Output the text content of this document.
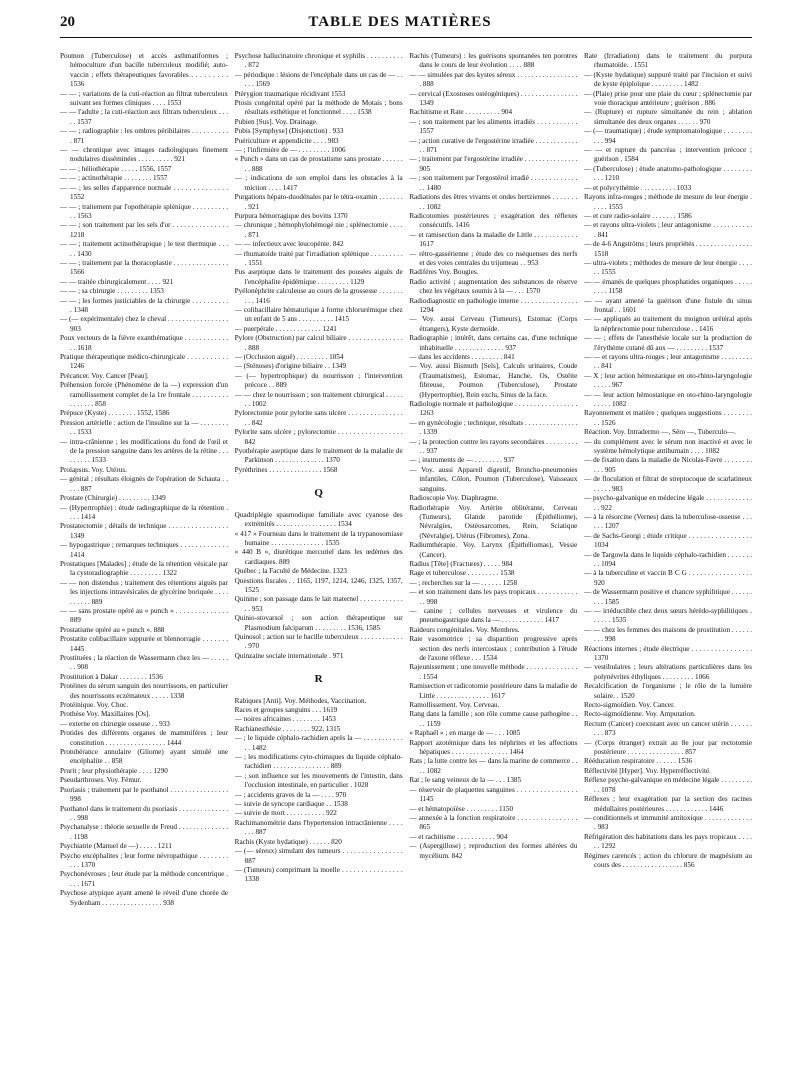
20	TABLE DES MATIÈRES

Poumon (Tuberculose) et accès asthmatiformes ; hémoculture d'un bacille tuberculeux modifié; auto-vaccin ; effets thérapeutiques favorables . . . . . . . . . 1536

— — ; variations de la cuti-réaction au filtrat tuberculeux suivant ses formes cliniques . . . . 1553

— — l'adulte ; la cuti-réaction aux filtrats tuberculeux . . . . . 1537

— — ; radiographie : les ombres périhilaires . . . . . . . . . . . 871

— — chronique avec images radiologiques finement nodulaires disséminées . . . . . . . . . . 921

— — ; héliothérapie . . . . . 1556, 1557

— — ; actinothérapie . . . . . . . . 1557

— — ; les selles d'apparence normale . . . . . . . . . . . . . . 1552

— — ; traitement par l'opothérapie splénique . . . . . . . . . . . . 1563

— — ; son traitement par les sels d'or . . . . . . . . . . . . . . . 1218

— — ; traitement actinothérapique ; le test thermique . . . . . 1430

— — ; traitement par la thoracoplastie . . . . . . . . . . . . . . . 1566

— — traitée chirurgicalement . . . . 921

— — ; sa chirurgie . . . . . . . . . 1353

— — ; les formes justiciables de la chirurgie . . . . . . . . . . . 1348

— (— expérimentale) chez le cheval . . . . . . . . . . . . . . . . . 903

Poux vecteurs de la fièvre exanthématique . . . . . . . . . . . . . . 1618

Pratique thérapeutique médico-chirurgicale . . . . . . . . . . . 1246

Précancer. Voy. Cancer [Peau].

Préhension forcée (Phénomène de la —) expression d'un ramollissement complet de la 1re frontale . . . . . . . . . . . . . . . . . 858

Prépuce (Kyste) . . . . . . . . 1552, 1586

Pression artérielle : action de l'insuline sur la — . . . . . . . . . . 1533

— intra-crânienne ; les modifications du fond de l'œil et de la pression sanguine dans les artères de la rétine . . . . . . . . . 1533

Prolapsus. Voy. Utérus.

— génital ; résultats éloignés de l'opération de Schauta . . . . . 887

Prostate (Chirurgie) . . . . . . . . . 1349

— (Hypertrophie) : étude radiographique de la rétention . . . . 1414

Prostatectomie ; détails de technique . . . . . . . . . . . . . . . . 1349

— hypogastrique ; remarques techniques . . . . . . . . . . . . . 1414

Prostatiques [Malades] ; étude de la rétention vésicale par la cystoradiographie . . . . . . . . . 1322

— — non distendus ; traitement des rétentions aiguës par les injections intravésicales de glycérine boriquée . . . . . . . . . . 889

— — sans prostate opéré au « punch » . . . . . . . . . . . . . . 889

Prostatisme opéré au « punch ». 888

Prostatite colibacillaire suppurée et blennorragie . . . . . . . 1445

Prostituées ; la réaction de Wassermann chez les — . . . . . . . 908

Prostitution à Dakar . . . . . . . . 1536

Protéines du sérum sanguin des nourrissons, en particulier des nourrissons eczémateux . . . . . 1338

Protéinique. Voy. Choc.

Prothèse Voy. Maxillaires [Os].

— externe en chirurgie osseuse . . 933

Protides des différents organes de mammifères ; leur constitution . . . . . . . . . . . . . . . . . 1444

Protubérance annulaire (Gliome) ayant simulé une encéphalite . . 858

Prurit ; leur physiothérapie . . . . 1290

Pseudarthroses. Voy. Fémur.

Psoriasis ; traitement par le psothanol . . . . . . . . . . . . . . . . 998

Psothanol dans le traitement du psoriasis . . . . . . . . . . . . . . . . 998

Psychanalyse : théorie sexuelle de Freud . . . . . . . . . . . . . . . 1198

Psychiatrie (Manuel de —) . . . . . 1211

Psycho encéphalites ; leur forme névropathique . . . . . . . . . . . 1370

Psychonévroses ; leur étude par la méthode concentrique . . . . 1671

Psychose atypique ayant amené le réveil d'une chorée de Sydenham . . . . . . . . . . . . . . . . . 938

Psychose hallucinatoire chronique et syphilis . . . . . . . . . . . 872

— périodique : lésions de l'encéphale dans un cas de — . . . . . 1569

Ptérygion traumatique récidivant 1553

Ptosis congénital opéré par la méthode de Motais ; bons résultats esthétique et fonctionnel . . . . 1538

Pubien [Sus]. Voy. Drainage.

Pubis [Symphyse] (Disjonction) . 933

Puériculture et appendicite . . . . 983

— ; l'infirmière de — . . . . . . . . . 1006

« Punch » dans un cas de prostatisme sans prostate . . . . . . . . 888

— ; indications de son emploi dans les obstacles à la miction . . . . 1417

Purgations hépato-duodénales par le tétra-oxamin . . . . . . . . 921

Purpura hémorragique des bovins 1370

— chronique ; hémophylohémogé nie ; splénectomie . . . . . 871

— — infectieux avec leucopénie. 842

— rhumatoïde traité par l'irradiation splénique . . . . . . . . . . 1551

Pus aseptique dans le traitement des pousées aiguës de l'encéphalite épidémique . . . . . . . . . 1129

Pyélonéphrite calculeuse au cours de la grossesse . . . . . . . . . . 1416

— colibacillaire hématurique à forme chlorurémique chez un enfant de 5 ans . . . . . . . . . . 1415

— puerpérale . . . . . . . . . . . . . 1241

Pylore (Obstruction) par calcul biliaire . . . . . . . . . . . . . . . . 888

— (Occlusion aiguë) . . . . . . . . . 1054

— (Sténoses) d'origine biliaire . . 1349

— (— hypertrophique) du nourrisson ; l'intervention précoce . . 889

— — chez le nourrisson ; son traitement chirurgical . . . . . . . 1002

Pylorectomie pour pylorite sans ulcère . . . . . . . . . . . . . . . . . 842

Pylorite sans ulcère ; pylorectomie . . . . . . . . . . . . . . . . . 842

Pyothérapie aseptique dans le traitement de la maladie de Parkinson . . . . . . . . . . . . . . 1370

Pyréthrines . . . . . . . . . . . . . . . 1568

Q

Quadriplégie spasmodique familiale avec cyanose des extrémités . . . . . . . . . . . . . . . . . 1534

« 417 » Fourneau dans le traitement de la trypanosomiase humaine . . . . . . . . . . . . . . . 1535

« 440 B », diurétique mercuriel dans les œdèmes des cardiaques. 889

Québec ; la Faculté de Médecine. 1323

Questions fiscales . . 1165, 1197, 1214, 1246, 1325, 1357, 1525

Quinine ; son passage dans le lait maternel . . . . . . . . . . . . . . 953

Quinio-stovarsol ; son action thérapeutique sur Plasmodium falciparum . . . . . . . . . 1536, 1585

Quinosol ; action sur le bacille tuberculeux . . . . . . . . . . . . . 970

Quinzaine sociale internationale . 971

R

Rabiques [Anti]. Voy. Méthodes, Vaccination.

Races et groupes sanguins . . . 1619

— noires africaines . . . . . . . . 1453

Rachianesthésie . . . . . . . . 922, 1315

— ; le liquide céphalo-rachidien après la — . . . . . . . . . . . . . 1482

— ; les modifications cyto-chimiques du liquide céphalo-rachidien . . . . . . . . . . . . . . . . 889

— ; son influence sur les mouvements de l'intestin, dans l'occlusion intestinale, en particulier . 1028

— ; accidents graves de la — . . . . 970

— suivie de syncope cardiaque . . 1538

— suivie de mort . . . . . . . . . . . 922

Rachimanométrie dans l'hypertension intracrânienne . . . . . . . 887

Rachis (Kyste hydatique) . . . . . . 820

— (— séreux) simulant des tumeurs . . . . . . . . . . . . . . . . 887

— (Tumeurs) comprimant la moelle . . . . . . . . . . . . . . . . 1338

Rachis (Tumeurs) : les guérisons spontanées ten porotres dans le cours de leur évolution . . . . 888

— — simulées par des kystes séreux . . . . . . . . . . . . . . . . . . 888

— cervical (Exostoses ostéogéniques) . . . . . . . . . . . . . . . . 1349

Rachitisme et Rate . . . . . . . . . . 904

— ; son traitement par les aliments irradiés . . . . . . . . . . . 1557

— ; action curative de l'ergostérine irradiée . . . . . . . . . . . . . . 871

— ; traitement par l'ergostérine irradiée . . . . . . . . . . . . . . . 905

— ; son traitement par l'ergostérol irradié . . . . . . . . . . . . . . . 1480

Radiations des êtres vivants et ondes hertziennes . . . . . . . . . 1082

Radicotomies postérieures ; exagération des réflexes consécutifs. 1416

— et ramisection dans la maladie de Little . . . . . . . . . . . . 1617

— rétro-gassérienne ; étude des co nséquenses des nerfs et des voies centrales du trijumeau . . 953

Radiféres Voy. Bougies.

Radio activité ; augmentation des substances de réserve chez les végétaux soumis à la — . . . 1570

Radiodiagnostic en pathologie interne . . . . . . . . . . . . . . . . 1294

— Voy. aussi Cerveau (Tumeurs), Estomac (Corps étrangers), Kyste dermoïde.

Radiographie ; intérêt, dans certains cas, d'une technique inhabituelle . . . . . . . . . . . . . . 937

— dans les accidents . . . . . . . . . 841

— Voy. aussi Bismuth [Sels], Calculs urinaires, Coude (Traumatismes), Estomac, Hanche, Os, Ostéite fibreuse, Poumon (Tuberculose), Prostate (Hypertrophie), Rein exclu, Sinus de la face.

Radiologie normale et pathologique . . . . . . . . . . . . . . . . . 1263

— en gynécologie ; technique, résultats . . . . . . . . . . . . . . . . 1339

— ; la protection contre les rayons secondaires . . . . . . . . . . . 937

— ; instruments de — . . . . . . . . 937

— Voy. aussi Appareil digestif, Broncho-pneumonies infantiles, Côlon, Poumon (Tuberculose), Vaisseaux sanguins.

Radioscopie Voy. Diaphragme.

Radiothérapie Voy. Artérite oblitérante, Cerveau (Tumeurs), Glande parotide (Épithéliome), Névralgies, Ostéosarcomes, Rein, Sciatique (Névralgie), Utérus (Fibromes), Zona.

Radiumthérapie. Voy. Larynx (Épithéliomas), Vessie (Cancer).

Radius [Tête] (Fractures) . . . . . 984

Rage et tuberculose . . . . . . . . . 1538

— ; recherches sur la — . . . . . . 1258

— et son traitement dans les pays tropicaux . . . . . . . . . . . . . 998

— canine ; cellules nerveuses et virulence du pneumogastrique dans la — . . . . . . . . . . . . 1417

Raideurs congénitales. Voy. Membres.

Raie vasomotrice ; sa disparition progressive après section des nerfs intercostaux ; contribution à l'étude de l'axone réflexe . . . 1534

Rajeunissement ; une nouvelle méthode . . . . . . . . . . . . . . . 1554

Ramisection et radicotomie postérieure dans la maladie de Little . . . . . . . . . . . . . . . 1617

Ramollissement. Voy. Cerveau.

Rang dans la famille ; son rôle comme cause pathogène . . . . 1159

« Raphaël » ; en marge de — . . . 1085

Rapport azotémique dans les néphrites et les affections hépatiques . . . . . . . . . . . . . . . . 1464

Rats ; la lutte contre les — dans la marine de commerce . . . . 1082

Rat ; le sang veineux de la — . . . 1385

— réservoir de plaquettes sanguines . . . . . . . . . . . . . . . . 1145

— et hématopoïèse . . . . . . . . . 1150

— annexée à la fonction respiratoire . . . . . . . . . . . . . . . . 865

— et rachitisme . . . . . . . . . . . 904

— (Aspergillose) ; reproduction des formes altérées du mycélium. 842

Rate (Irradiation) dans le traitement du purpura rhumatoïde. . 1551

— (Kyste hydatique) suppuré traité par l'incision et suivi de kyste épiploïque . . . . . . . . . 1482

— (Plaie) prise pour une plaie du cœur ; splénectomie par voie thoracique antérieure ; guérison . 886

— (Rupture) et rupture simultanée du rein ; ablation simultanée des deux organes . . . . . . 970

— (— traumatique) ; étude symptomatologique . . . . . . . . . . . 994

— — et rupture du pancréas ; intervention précoce ; guérison . 1584

— (Tuberculose) ; étude anatomo-pathologique . . . . . . . . . . . 1210

— et polycythémie . . . . . . . . . . 1033

Rayons infra-rouges ; méthode de mesure de leur énergie . . . . . 1555

— et cure radio-solaire . . . . . . . 1586

— et rayons ultra-violets ; leur antagonisme . . . . . . . . . . . . 841

— de 4-6 Angströms ; leurs propriétés . . . . . . . . . . . . . . . . 1518

— ultra-violets ; méthodes de mesure de leur énergie . . . . . . 1555

— — émanés de quelques phosphatides organiques . . . . . . . . . 1158

— — ayant amené la guérison d'une fistule du sinus frontal . . 1601

— — appliqués au traitement du moignon urétéral après la néphrectomie pour tuberculose . . 1416

— — ; effets de l'anesthésie locale sur la production de l'érythème cutané dû aux — . . . . . . . . . 1537

— — et rayons ultra-rouges ; leur antagonisme . . . . . . . . . . . 841

— X ; leur action hémostatique en oto-rhino-laryngologie . . . . . 967

— — leur action hémostatique en oto-rhino-laryngologie . . . . . 1082

Rayonnement et matière ; quelques suggestions . . . . . . . . . . 1526

Réaction. Voy. Intradermo —, Séro —, Tuberculo—.

— du complément avec le sérum non inactivé et avec le système hémolytique antihumain . . . . 1082

— de fixation dans la maladie de Nicolas-Favre . . . . . . . . . . . 905

— de floculation et filtrat de streptocoque de scarlatineux . . . . . 983

— psycho-galvanique en médecine légale . . . . . . . . . . . . . . . 922

— à la résorcine (Vernes) dans la tuberculose-osseuse . . . . . . 1207

— de Sachs-Georgi ; étude critique . . . . . . . . . . . . . . . . . 1034

— de Targowla dans le liquide céphalo-rachidien . . . . . . . . . 1094

— à la tuberculine et vaccin B C G . . . . . . . . . . . . . . . . . 920

— de Wassermann positive et chancre syphilitique . . . . . . . . . 1585

— — irréductible chez deux sœurs hérédo-syphilitiques . . . . . . 1535

— — chez les femmes des maisons de prostitution . . . . . . . . . 998

Réactions internes ; étude électrique . . . . . . . . . . . . . . . . 1370

— vestibulaires ; leurs altérations particulières dans les polynévrites éthyliques . . . . . . . . . 1066

Recalcification de l'organisme ; le rôle de la lumière solaire. . 1520

Recto-sigmoïdien. Voy. Cancer.

Recto-sigmoïdienne. Voy. Amputation.

Rectum (Cancer) coexistant avec un cancer utérin . . . . . . . . . 873

— (Corps étranger) extrait au 8e jour par rectotomie postérieure . . . . . . . . . . . . . . . . 857

Rééducation respiratoire . . . . . . 1536

Réflectivité [Hyper]. Voy. Hyperréflectivité.

Réflexe psycho-galvanique en médecine légale . . . . . . . . . . . 1078

Réflexes ; leur exagération par la section des racines médullaires postérieures . . . . . . . . . . . . 1446

— conditionnels et immunité antitoxique . . . . . . . . . . . . . . 983

Réfrigération des habitations dans les pays tropicaux . . . . . . 1292

Régimes carencés ; action du chlorure de magnésium au cours des . . . . . . . . . . . . . . . . . 856
